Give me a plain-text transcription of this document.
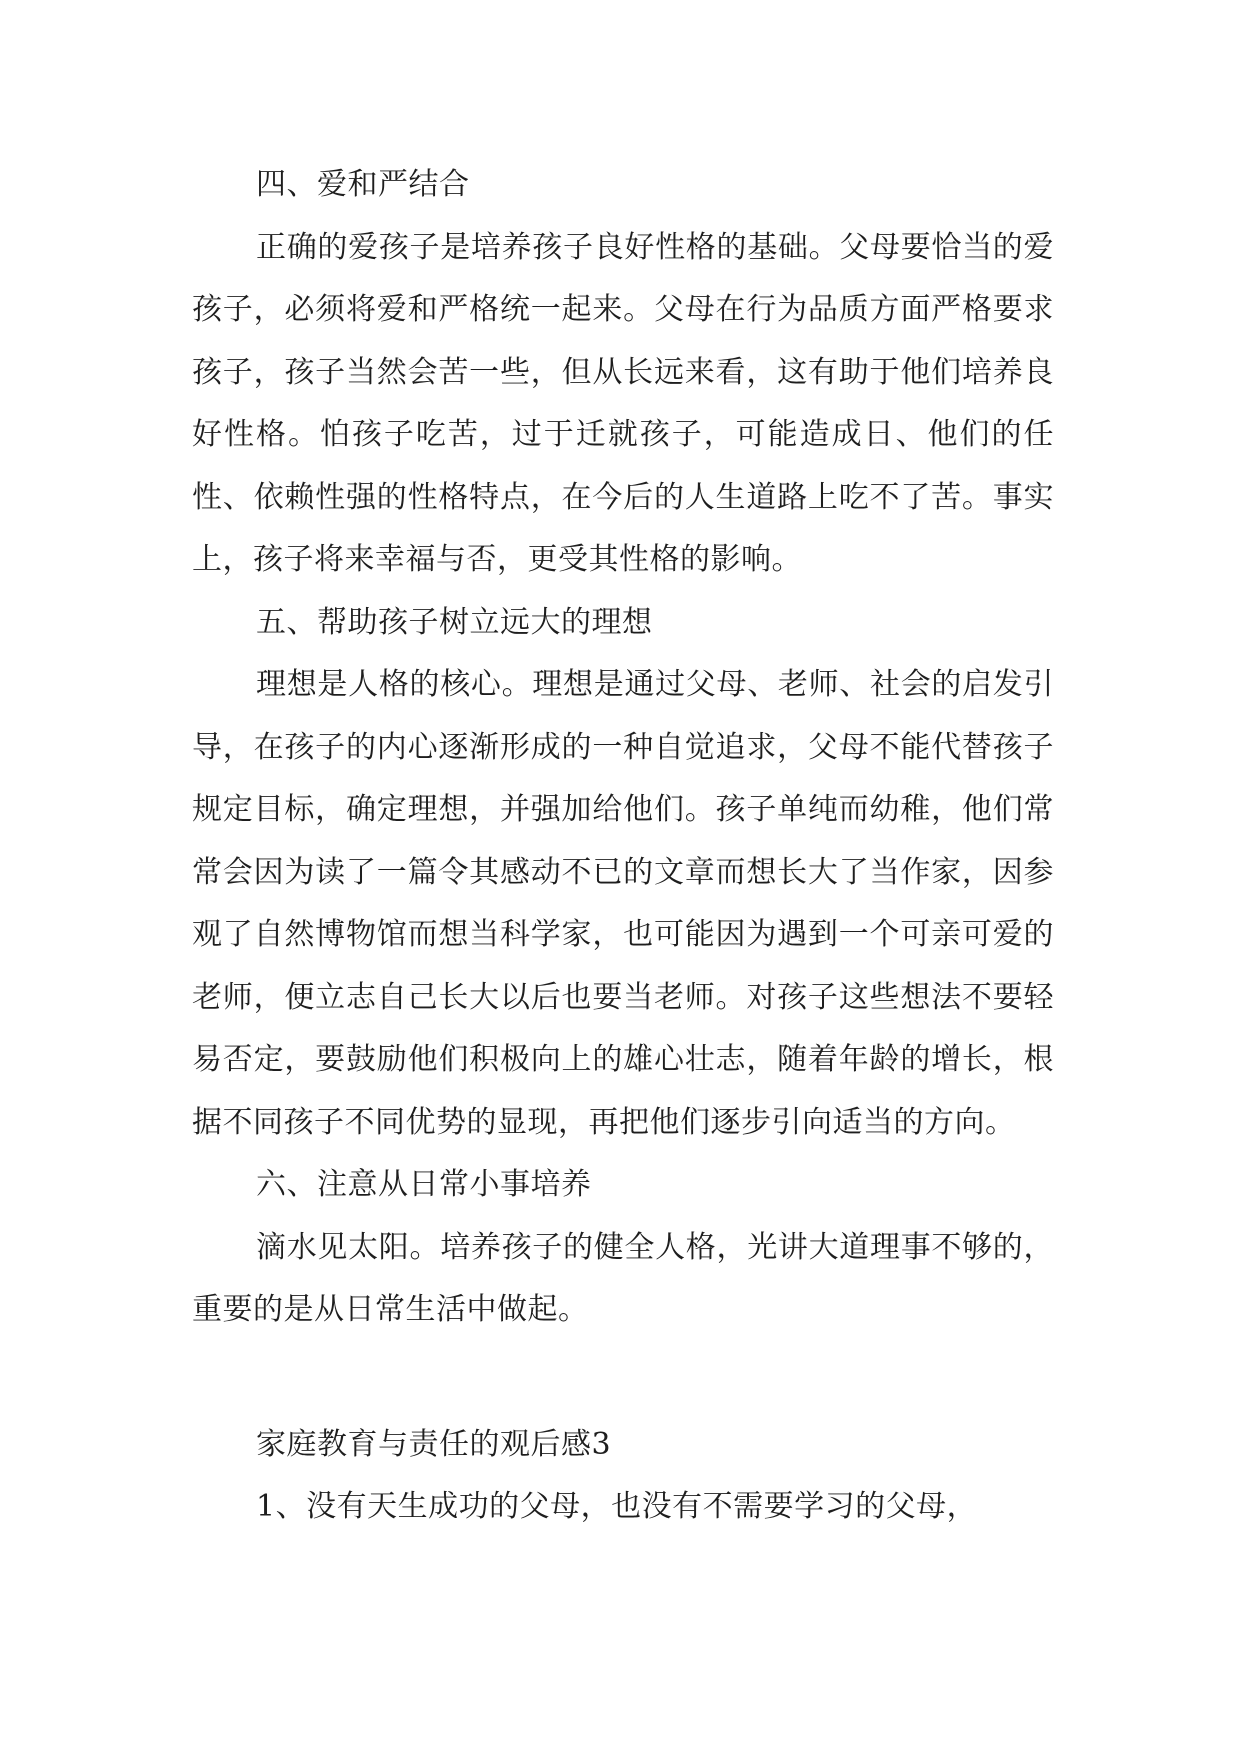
四、爱和严结合

正确的爱孩子是培养孩子良好性格的基础。父母要恰当的爱孩子，必须将爱和严格统一起来。父母在行为品质方面严格要求孩子，孩子当然会苦一些，但从长远来看，这有助于他们培养良好性格。怕孩子吃苦，过于迁就孩子，可能造成日、他们的任性、依赖性强的性格特点，在今后的人生道路上吃不了苦。事实上，孩子将来幸福与否，更受其性格的影响。

五、帮助孩子树立远大的理想

理想是人格的核心。理想是通过父母、老师、社会的启发引导，在孩子的内心逐渐形成的一种自觉追求，父母不能代替孩子规定目标，确定理想，并强加给他们。孩子单纯而幼稚，他们常常会因为读了一篇令其感动不已的文章而想长大了当作家，因参观了自然博物馆而想当科学家，也可能因为遇到一个可亲可爱的老师，便立志自己长大以后也要当老师。对孩子这些想法不要轻易否定，要鼓励他们积极向上的雄心壮志，随着年龄的增长，根据不同孩子不同优势的显现，再把他们逐步引向适当的方向。

六、注意从日常小事培养

滴水见太阳。培养孩子的健全人格，光讲大道理事不够的，重要的是从日常生活中做起。

家庭教育与责任的观后感3

1、没有天生成功的父母，也没有不需要学习的父母，
